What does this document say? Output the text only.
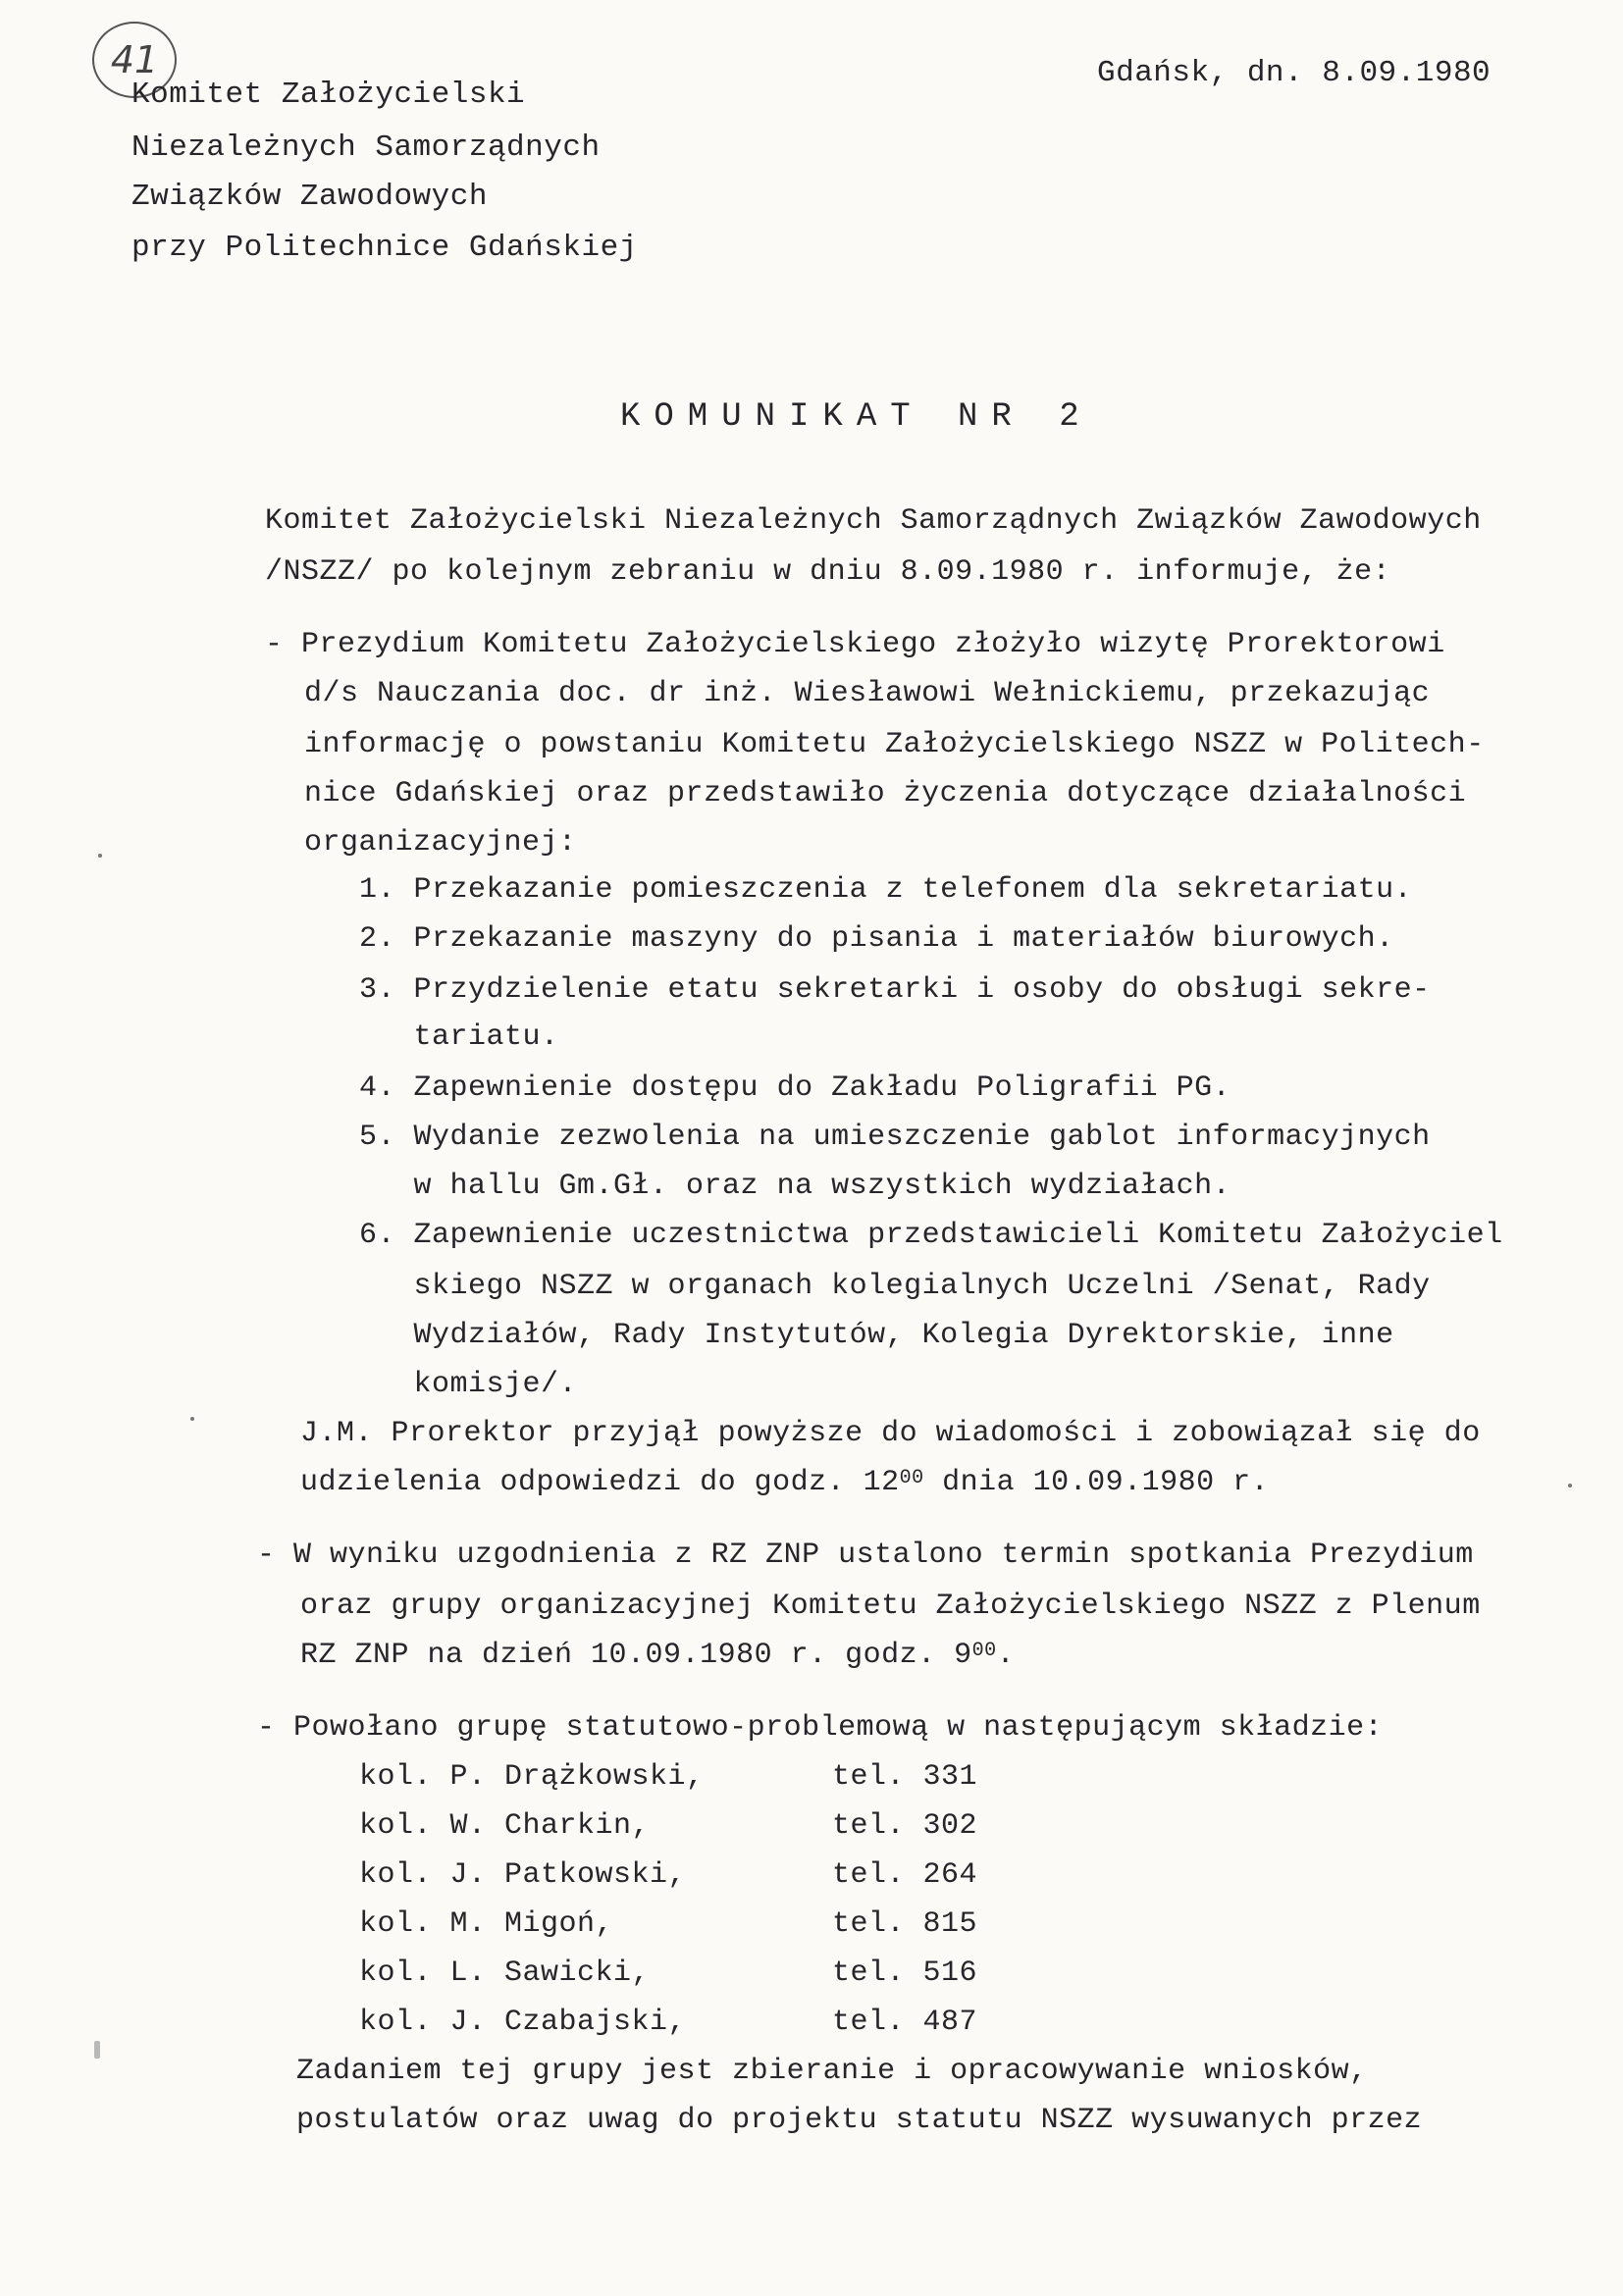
41
Komitet Założycielski
Niezależnych Samorządnych
Związków Zawodowych
przy Politechnice Gdańskiej
Gdańsk, dn. 8.09.1980
KOMUNIKAT NR 2
Komitet Założycielski Niezależnych Samorządnych Związków Zawodowych
/NSZZ/ po kolejnym zebraniu w dniu 8.09.1980 r. informuje, że:
- Prezydium Komitetu Założycielskiego złożyło wizytę Prorektorowi
d/s Nauczania doc. dr inż. Wiesławowi Wełnickiemu, przekazując
informację o powstaniu Komitetu Założycielskiego NSZZ w Politech-
nice Gdańskiej oraz przedstawiło życzenia dotyczące działalności
organizacyjnej:
1. Przekazanie pomieszczenia z telefonem dla sekretariatu.
2. Przekazanie maszyny do pisania i materiałów biurowych.
3. Przydzielenie etatu sekretarki i osoby do obsługi sekre-
tariatu.
4. Zapewnienie dostępu do Zakładu Poligrafii PG.
5. Wydanie zezwolenia na umieszczenie gablot informacyjnych
w hallu Gm.Gł. oraz na wszystkich wydziałach.
6. Zapewnienie uczestnictwa przedstawicieli Komitetu Założyciel
skiego NSZZ w organach kolegialnych Uczelni /Senat, Rady
Wydziałów, Rady Instytutów, Kolegia Dyrektorskie, inne
komisje/.
J.M. Prorektor przyjął powyższe do wiadomości i zobowiązał się do
udzielenia odpowiedzi do godz. $12^{00}$ dnia 10.09.1980 r.
- W wyniku uzgodnienia z RZ ZNP ustalono termin spotkania Prezydium
oraz grupy organizacyjnej Komitetu Założycielskiego NSZZ z Plenum
RZ ZNP na dzień 10.09.1980 r. godz. $9^{00}$.
- Powołano grupę statutowo-problemową w następującym składzie:
kol. P. Drążkowski,	tel. 331
kol. W. Charkin,	tel. 302
kol. J. Patkowski,	tel. 264
kol. M. Migoń,	tel. 815
kol. L. Sawicki,	tel. 516
kol. J. Czabajski,	tel. 487
Zadaniem tej grupy jest zbieranie i opracowywanie wniosków,
postulatów oraz uwag do projektu statutu NSZZ wysuwanych przez
